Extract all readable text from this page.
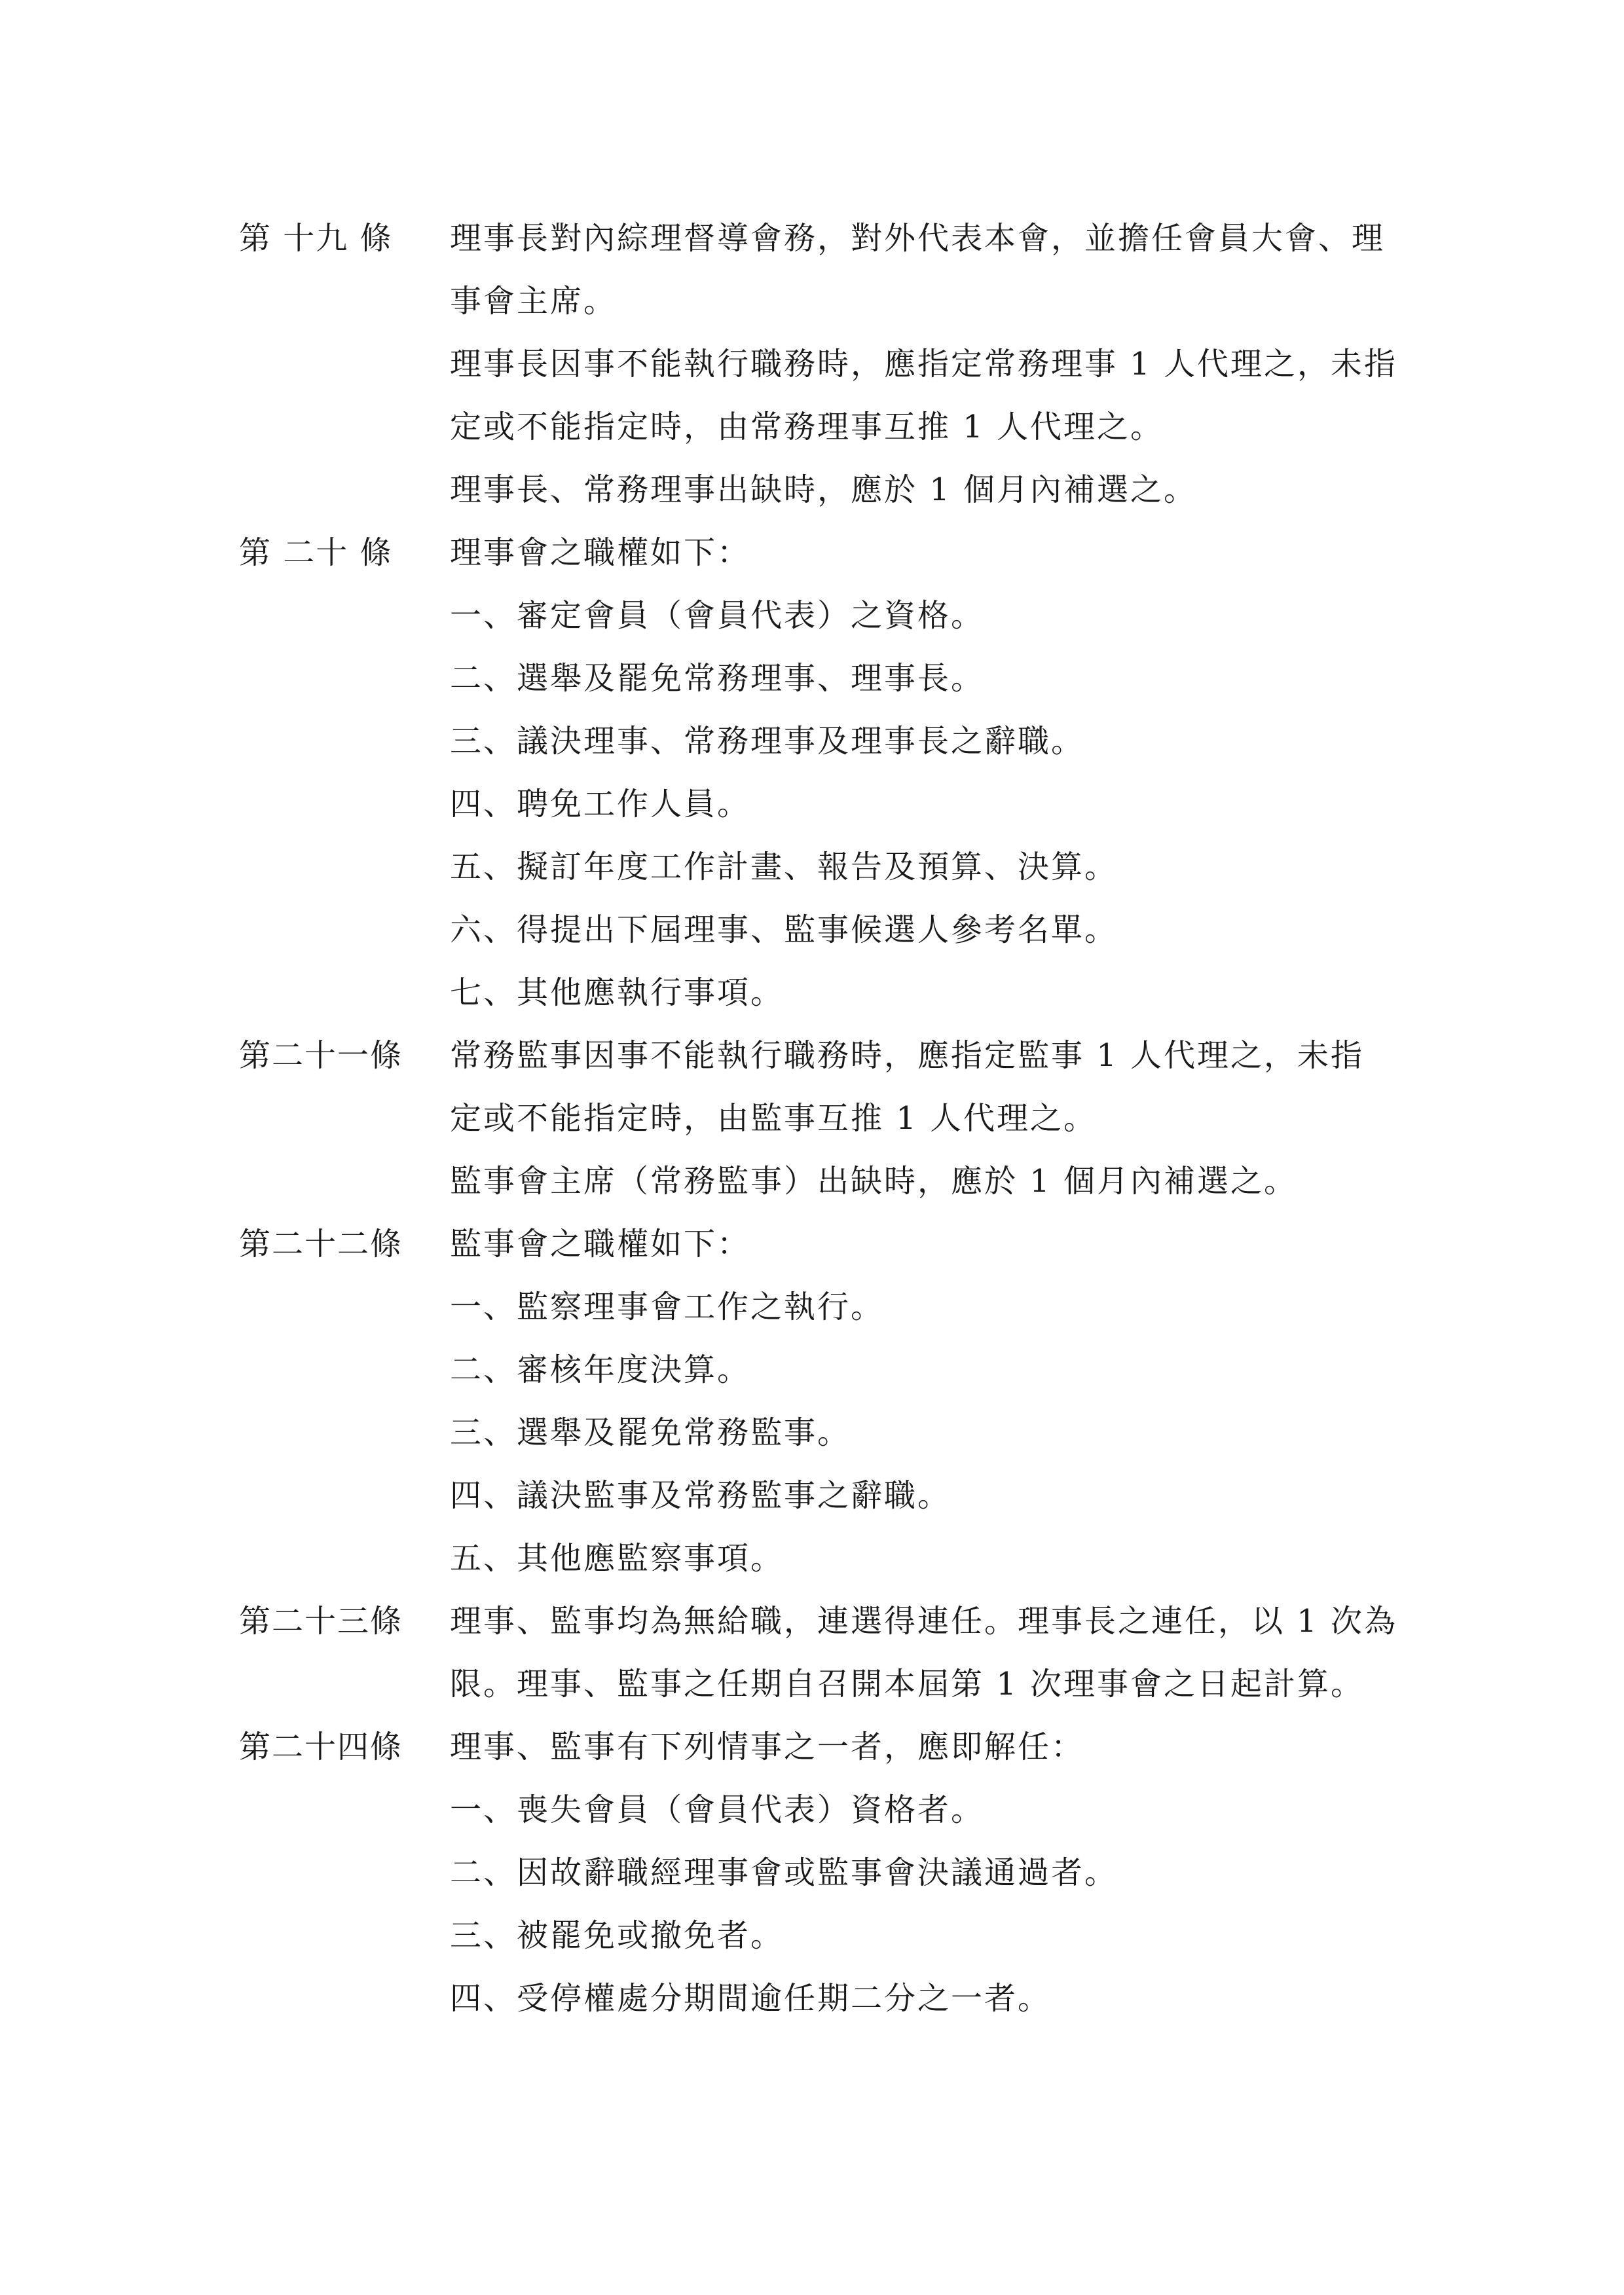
第 十九 條 理事長對內綜理督導會務，對外代表本會，並擔任會員大會、理
事會主席。
理事長因事不能執行職務時，應指定常務理事 1 人代理之，未指
定或不能指定時，由常務理事互推 1 人代理之。
理事長、常務理事出缺時，應於 1 個月內補選之。
第 二十 條 理事會之職權如下：
一、審定會員（會員代表）之資格。
二、選舉及罷免常務理事、理事長。
三、議決理事、常務理事及理事長之辭職。
四、聘免工作人員。
五、擬訂年度工作計畫、報告及預算、決算。
六、得提出下屆理事、監事候選人參考名單。
七、其他應執行事項。
第二十一條 常務監事因事不能執行職務時，應指定監事 1 人代理之，未指
定或不能指定時，由監事互推 1 人代理之。
監事會主席（常務監事）出缺時，應於 1 個月內補選之。
第二十二條 監事會之職權如下：
一、監察理事會工作之執行。
二、審核年度決算。
三、選舉及罷免常務監事。
四、議決監事及常務監事之辭職。
五、其他應監察事項。
第二十三條 理事、監事均為無給職，連選得連任。理事長之連任，以 1 次為
限。理事、監事之任期自召開本屆第 1 次理事會之日起計算。
第二十四條 理事、監事有下列情事之一者，應即解任：
一、喪失會員（會員代表）資格者。
二、因故辭職經理事會或監事會決議通過者。
三、被罷免或撤免者。
四、受停權處分期間逾任期二分之一者。
